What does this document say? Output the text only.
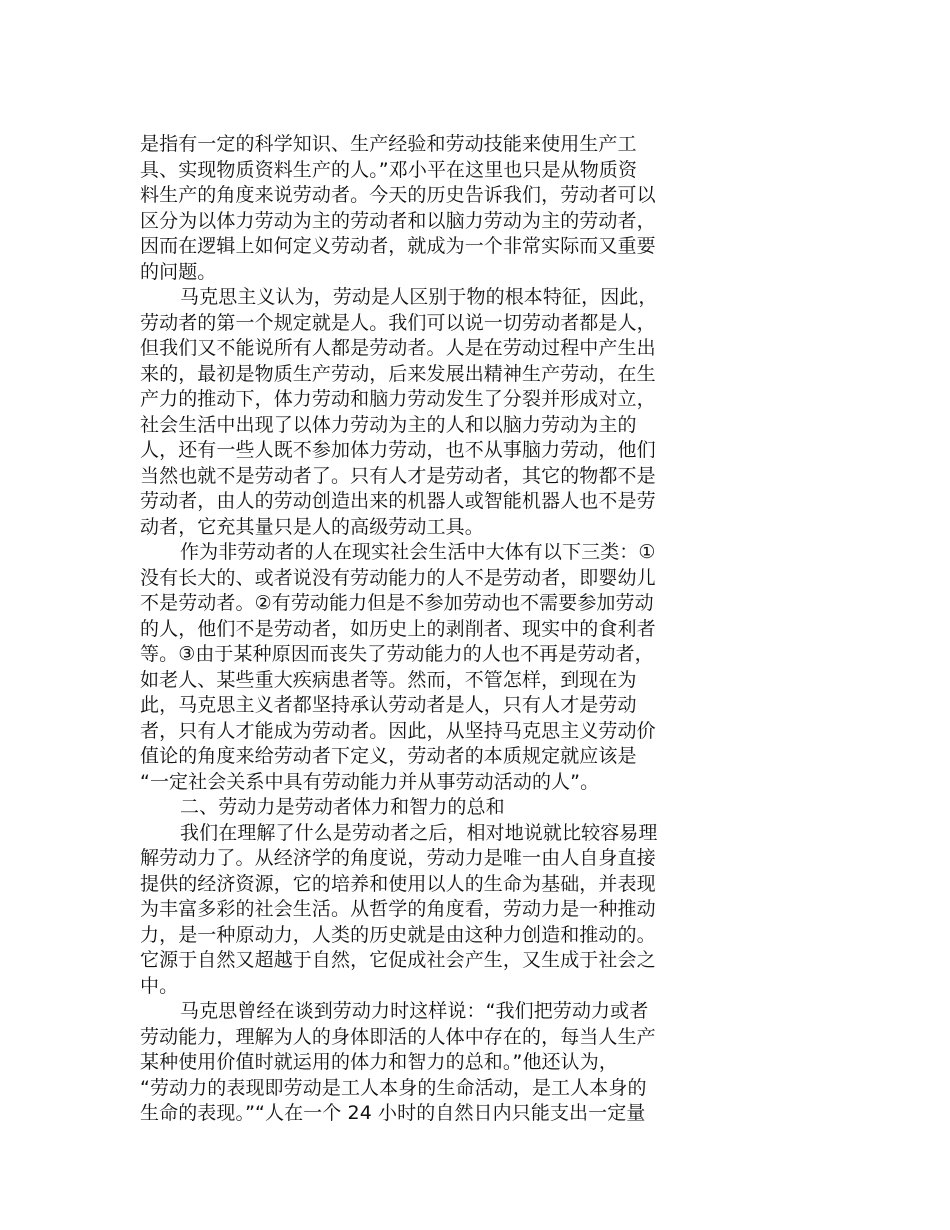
是指有一定的科学知识、生产经验和劳动技能来使用生产工
具、实现物质资料生产的人。”邓小平在这里也只是从物质资
料生产的角度来说劳动者。今天的历史告诉我们，劳动者可以
区分为以体力劳动为主的劳动者和以脑力劳动为主的劳动者，
因而在逻辑上如何定义劳动者，就成为一个非常实际而又重要
的问题。
马克思主义认为，劳动是人区别于物的根本特征，因此，
劳动者的第一个规定就是人。我们可以说一切劳动者都是人，
但我们又不能说所有人都是劳动者。人是在劳动过程中产生出
来的，最初是物质生产劳动，后来发展出精神生产劳动，在生
产力的推动下，体力劳动和脑力劳动发生了分裂并形成对立，
社会生活中出现了以体力劳动为主的人和以脑力劳动为主的
人，还有一些人既不参加体力劳动，也不从事脑力劳动，他们
当然也就不是劳动者了。只有人才是劳动者，其它的物都不是
劳动者，由人的劳动创造出来的机器人或智能机器人也不是劳
动者，它充其量只是人的高级劳动工具。
作为非劳动者的人在现实社会生活中大体有以下三类：①
没有长大的、或者说没有劳动能力的人不是劳动者，即婴幼儿
不是劳动者。②有劳动能力但是不参加劳动也不需要参加劳动
的人，他们不是劳动者，如历史上的剥削者、现实中的食利者
等。③由于某种原因而丧失了劳动能力的人也不再是劳动者，
如老人、某些重大疾病患者等。然而，不管怎样，到现在为
此，马克思主义者都坚持承认劳动者是人，只有人才是劳动
者，只有人才能成为劳动者。因此，从坚持马克思主义劳动价
值论的角度来给劳动者下定义，劳动者的本质规定就应该是
“一定社会关系中具有劳动能力并从事劳动活动的人”。
二、劳动力是劳动者体力和智力的总和
我们在理解了什么是劳动者之后，相对地说就比较容易理
解劳动力了。从经济学的角度说，劳动力是唯一由人自身直接
提供的经济资源，它的培养和使用以人的生命为基础，并表现
为丰富多彩的社会生活。从哲学的角度看，劳动力是一种推动
力，是一种原动力，人类的历史就是由这种力创造和推动的。
它源于自然又超越于自然，它促成社会产生，又生成于社会之
中。
马克思曾经在谈到劳动力时这样说：“我们把劳动力或者
劳动能力，理解为人的身体即活的人体中存在的，每当人生产
某种使用价值时就运用的体力和智力的总和。”他还认为，
“劳动力的表现即劳动是工人本身的生命活动，是工人本身的
生命的表现。”“人在一个 24 小时的自然日内只能支出一定量
